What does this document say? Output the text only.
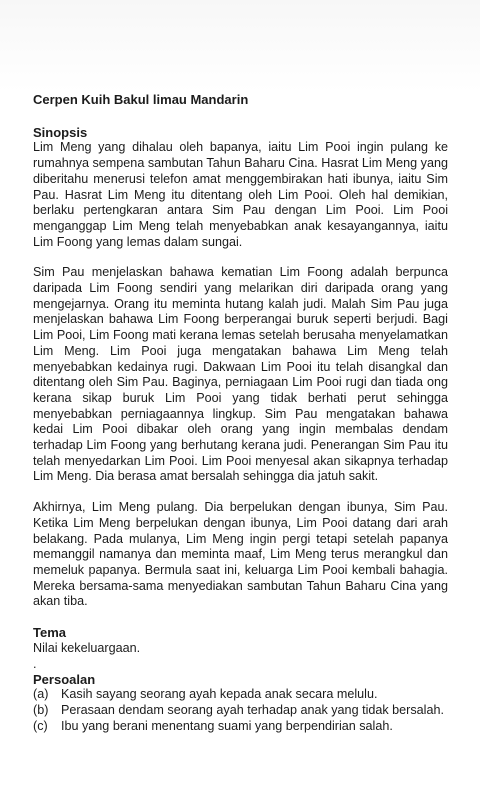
Cerpen Kuih Bakul limau Mandarin

Sinopsis

Lim Meng yang dihalau oleh bapanya, iaitu Lim Pooi ingin pulang ke rumahnya sempena sambutan Tahun Baharu Cina. Hasrat Lim Meng yang diberitahu menerusi telefon amat menggembirakan hati ibunya, iaitu Sim Pau. Hasrat Lim Meng itu ditentang oleh Lim Pooi. Oleh hal demikian, berlaku pertengkaran antara Sim Pau dengan Lim Pooi. Lim Pooi menganggap Lim Meng telah menyebabkan anak kesayangannya, iaitu Lim Foong yang lemas dalam sungai.

Sim Pau menjelaskan bahawa kematian Lim Foong adalah berpunca daripada Lim Foong sendiri yang melarikan diri daripada orang yang mengejarnya. Orang itu meminta hutang kalah judi. Malah Sim Pau juga menjelaskan bahawa Lim Foong berperangai buruk seperti berjudi. Bagi Lim Pooi, Lim Foong mati kerana lemas setelah berusaha menyelamatkan Lim Meng. Lim Pooi juga mengatakan bahawa Lim Meng telah menyebabkan kedainya rugi. Dakwaan Lim Pooi itu telah disangkal dan ditentang oleh Sim Pau. Baginya, perniagaan Lim Pooi rugi dan tiada ong kerana sikap buruk Lim Pooi yang tidak berhati perut sehingga menyebabkan perniagaannya lingkup. Sim Pau mengatakan bahawa kedai Lim Pooi dibakar oleh orang yang ingin membalas dendam terhadap Lim Foong yang berhutang kerana judi. Penerangan Sim Pau itu telah menyedarkan Lim Pooi. Lim Pooi menyesal akan sikapnya terhadap Lim Meng. Dia berasa amat bersalah sehingga dia jatuh sakit.

Akhirnya, Lim Meng pulang. Dia berpelukan dengan ibunya, Sim Pau. Ketika Lim Meng berpelukan dengan ibunya, Lim Pooi datang dari arah belakang. Pada mulanya, Lim Meng ingin pergi tetapi setelah papanya memanggil namanya dan meminta maaf, Lim Meng terus merangkul dan memeluk papanya. Bermula saat ini, keluarga Lim Pooi kembali bahagia. Mereka bersama-sama menyediakan sambutan Tahun Baharu Cina yang akan tiba.

Tema

Nilai kekeluargaan.

.

Persoalan

(a) Kasih sayang seorang ayah kepada anak secara melulu.
(b) Perasaan dendam seorang ayah terhadap anak yang tidak bersalah.
(c)	Ibu yang berani menentang suami yang berpendirian salah.
